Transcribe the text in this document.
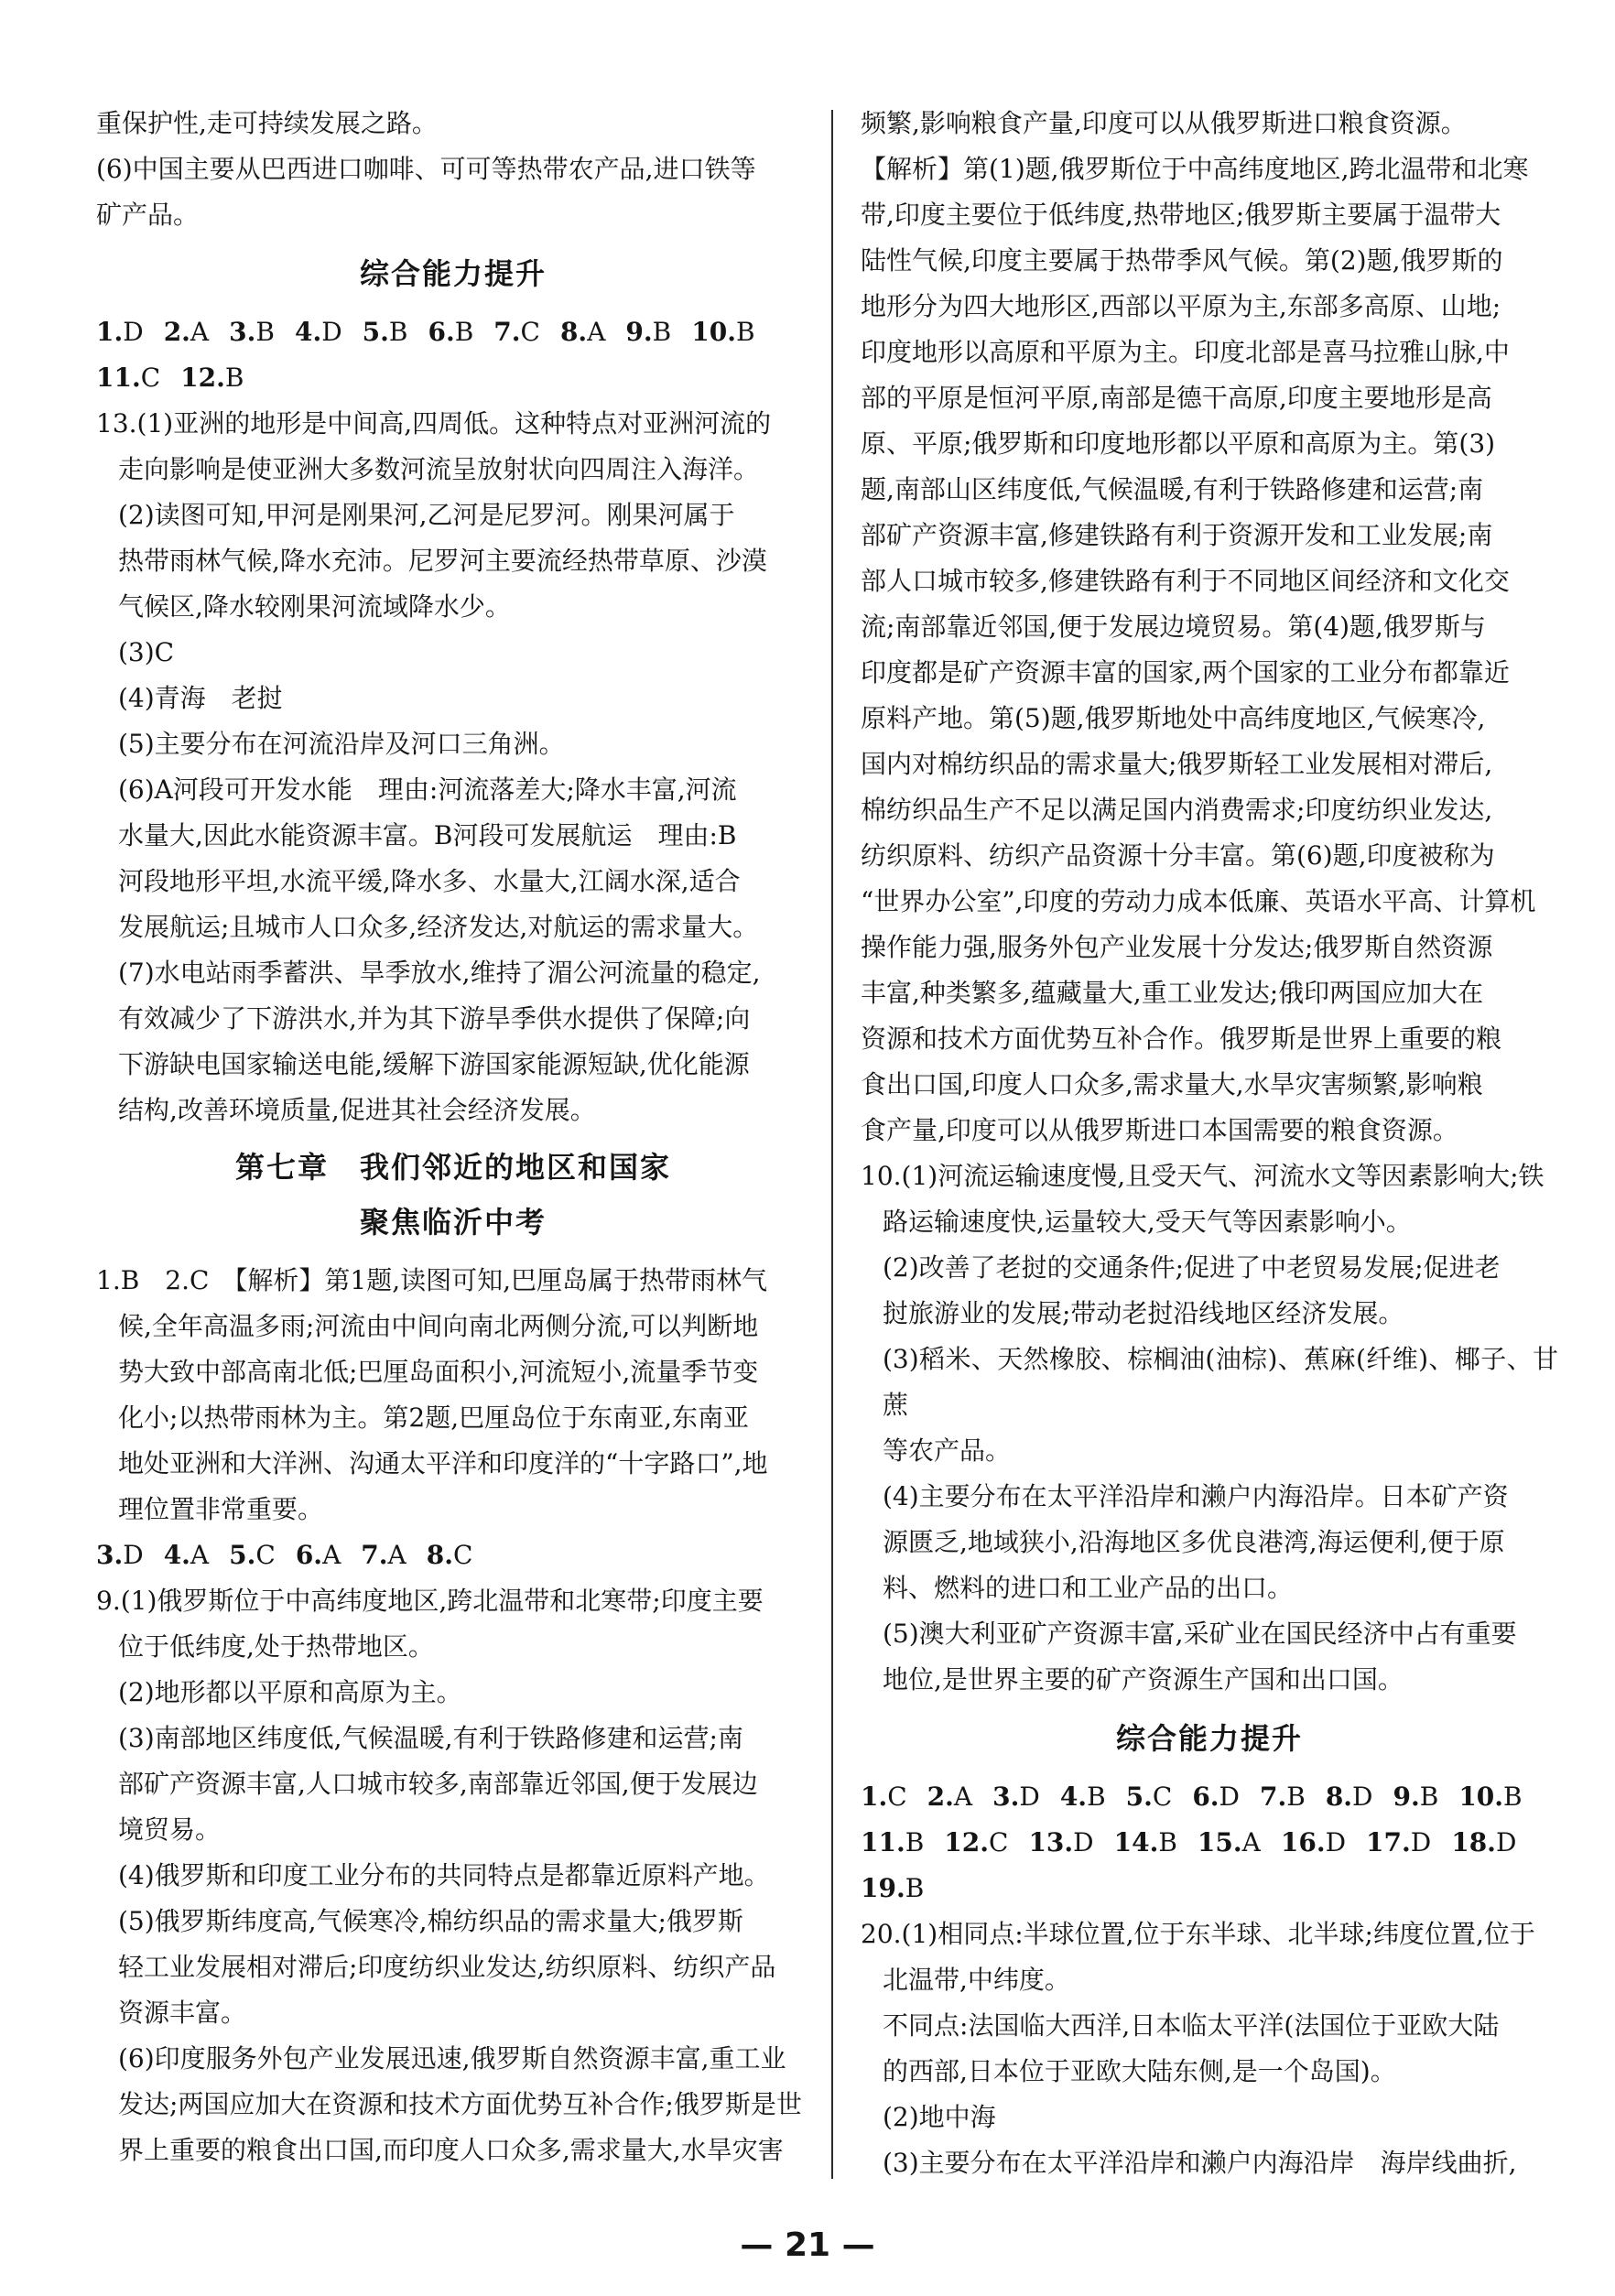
重保护性,走可持续发展之路。

(6)中国主要从巴西进口咖啡、可可等热带农产品,进口铁等

矿产品。

综合能力提升
1.D 2.A 3.B 4.D 5.B 6.B 7.C 8.A 9.B 10.B
11.C 12.B

13.(1)亚洲的地形是中间高,四周低。这种特点对亚洲河流的

走向影响是使亚洲大多数河流呈放射状向四周注入海洋。

(2)读图可知,甲河是刚果河,乙河是尼罗河。刚果河属于

热带雨林气候,降水充沛。尼罗河主要流经热带草原、沙漠

气候区,降水较刚果河流域降水少。

(3)C

(4)青海　老挝

(5)主要分布在河流沿岸及河口三角洲。

(6)A河段可开发水能　理由:河流落差大;降水丰富,河流

水量大,因此水能资源丰富。B河段可发展航运　理由:B

河段地形平坦,水流平缓,降水多、水量大,江阔水深,适合

发展航运;且城市人口众多,经济发达,对航运的需求量大。

(7)水电站雨季蓄洪、旱季放水,维持了湄公河流量的稳定,

有效减少了下游洪水,并为其下游旱季供水提供了保障;向

下游缺电国家输送电能,缓解下游国家能源短缺,优化能源

结构,改善环境质量,促进其社会经济发展。

第七章　我们邻近的地区和国家
聚焦临沂中考

1.B　2.C　【解析】第1题,读图可知,巴厘岛属于热带雨林气

候,全年高温多雨;河流由中间向南北两侧分流,可以判断地

势大致中部高南北低;巴厘岛面积小,河流短小,流量季节变

化小;以热带雨林为主。第2题,巴厘岛位于东南亚,东南亚

地处亚洲和大洋洲、沟通太平洋和印度洋的“十字路口”,地

理位置非常重要。

3.D 4.A 5.C 6.A 7.A 8.C

9.(1)俄罗斯位于中高纬度地区,跨北温带和北寒带;印度主要

位于低纬度,处于热带地区。

(2)地形都以平原和高原为主。

(3)南部地区纬度低,气候温暖,有利于铁路修建和运营;南

部矿产资源丰富,人口城市较多,南部靠近邻国,便于发展边

境贸易。

(4)俄罗斯和印度工业分布的共同特点是都靠近原料产地。

(5)俄罗斯纬度高,气候寒冷,棉纺织品的需求量大;俄罗斯

轻工业发展相对滞后;印度纺织业发达,纺织原料、纺织产品

资源丰富。

(6)印度服务外包产业发展迅速,俄罗斯自然资源丰富,重工业

发达;两国应加大在资源和技术方面优势互补合作;俄罗斯是世

界上重要的粮食出口国,而印度人口众多,需求量大,水旱灾害

频繁,影响粮食产量,印度可以从俄罗斯进口粮食资源。

【解析】第(1)题,俄罗斯位于中高纬度地区,跨北温带和北寒

带,印度主要位于低纬度,热带地区;俄罗斯主要属于温带大

陆性气候,印度主要属于热带季风气候。第(2)题,俄罗斯的

地形分为四大地形区,西部以平原为主,东部多高原、山地;

印度地形以高原和平原为主。印度北部是喜马拉雅山脉,中

部的平原是恒河平原,南部是德干高原,印度主要地形是高

原、平原;俄罗斯和印度地形都以平原和高原为主。第(3)

题,南部山区纬度低,气候温暖,有利于铁路修建和运营;南

部矿产资源丰富,修建铁路有利于资源开发和工业发展;南

部人口城市较多,修建铁路有利于不同地区间经济和文化交

流;南部靠近邻国,便于发展边境贸易。第(4)题,俄罗斯与

印度都是矿产资源丰富的国家,两个国家的工业分布都靠近

原料产地。第(5)题,俄罗斯地处中高纬度地区,气候寒冷,

国内对棉纺织品的需求量大;俄罗斯轻工业发展相对滞后,

棉纺织品生产不足以满足国内消费需求;印度纺织业发达,

纺织原料、纺织产品资源十分丰富。第(6)题,印度被称为

“世界办公室”,印度的劳动力成本低廉、英语水平高、计算机

操作能力强,服务外包产业发展十分发达;俄罗斯自然资源

丰富,种类繁多,蕴藏量大,重工业发达;俄印两国应加大在

资源和技术方面优势互补合作。俄罗斯是世界上重要的粮

食出口国,印度人口众多,需求量大,水旱灾害频繁,影响粮

食产量,印度可以从俄罗斯进口本国需要的粮食资源。

10.(1)河流运输速度慢,且受天气、河流水文等因素影响大;铁

路运输速度快,运量较大,受天气等因素影响小。

(2)改善了老挝的交通条件;促进了中老贸易发展;促进老

挝旅游业的发展;带动老挝沿线地区经济发展。

(3)稻米、天然橡胶、棕榈油(油棕)、蕉麻(纤维)、椰子、甘蔗

等农产品。

(4)主要分布在太平洋沿岸和濑户内海沿岸。日本矿产资

源匮乏,地域狭小,沿海地区多优良港湾,海运便利,便于原

料、燃料的进口和工业产品的出口。

(5)澳大利亚矿产资源丰富,采矿业在国民经济中占有重要

地位,是世界主要的矿产资源生产国和出口国。

综合能力提升
1.C 2.A 3.D 4.B 5.C 6.D 7.B 8.D 9.B 10.B
11.B 12.C 13.D 14.B 15.A 16.D 17.D 18.D
19.B

20.(1)相同点:半球位置,位于东半球、北半球;纬度位置,位于

北温带,中纬度。

不同点:法国临大西洋,日本临太平洋(法国位于亚欧大陆

的西部,日本位于亚欧大陆东侧,是一个岛国)。

(2)地中海

(3)主要分布在太平洋沿岸和濑户内海沿岸　海岸线曲折,

— 21 —
